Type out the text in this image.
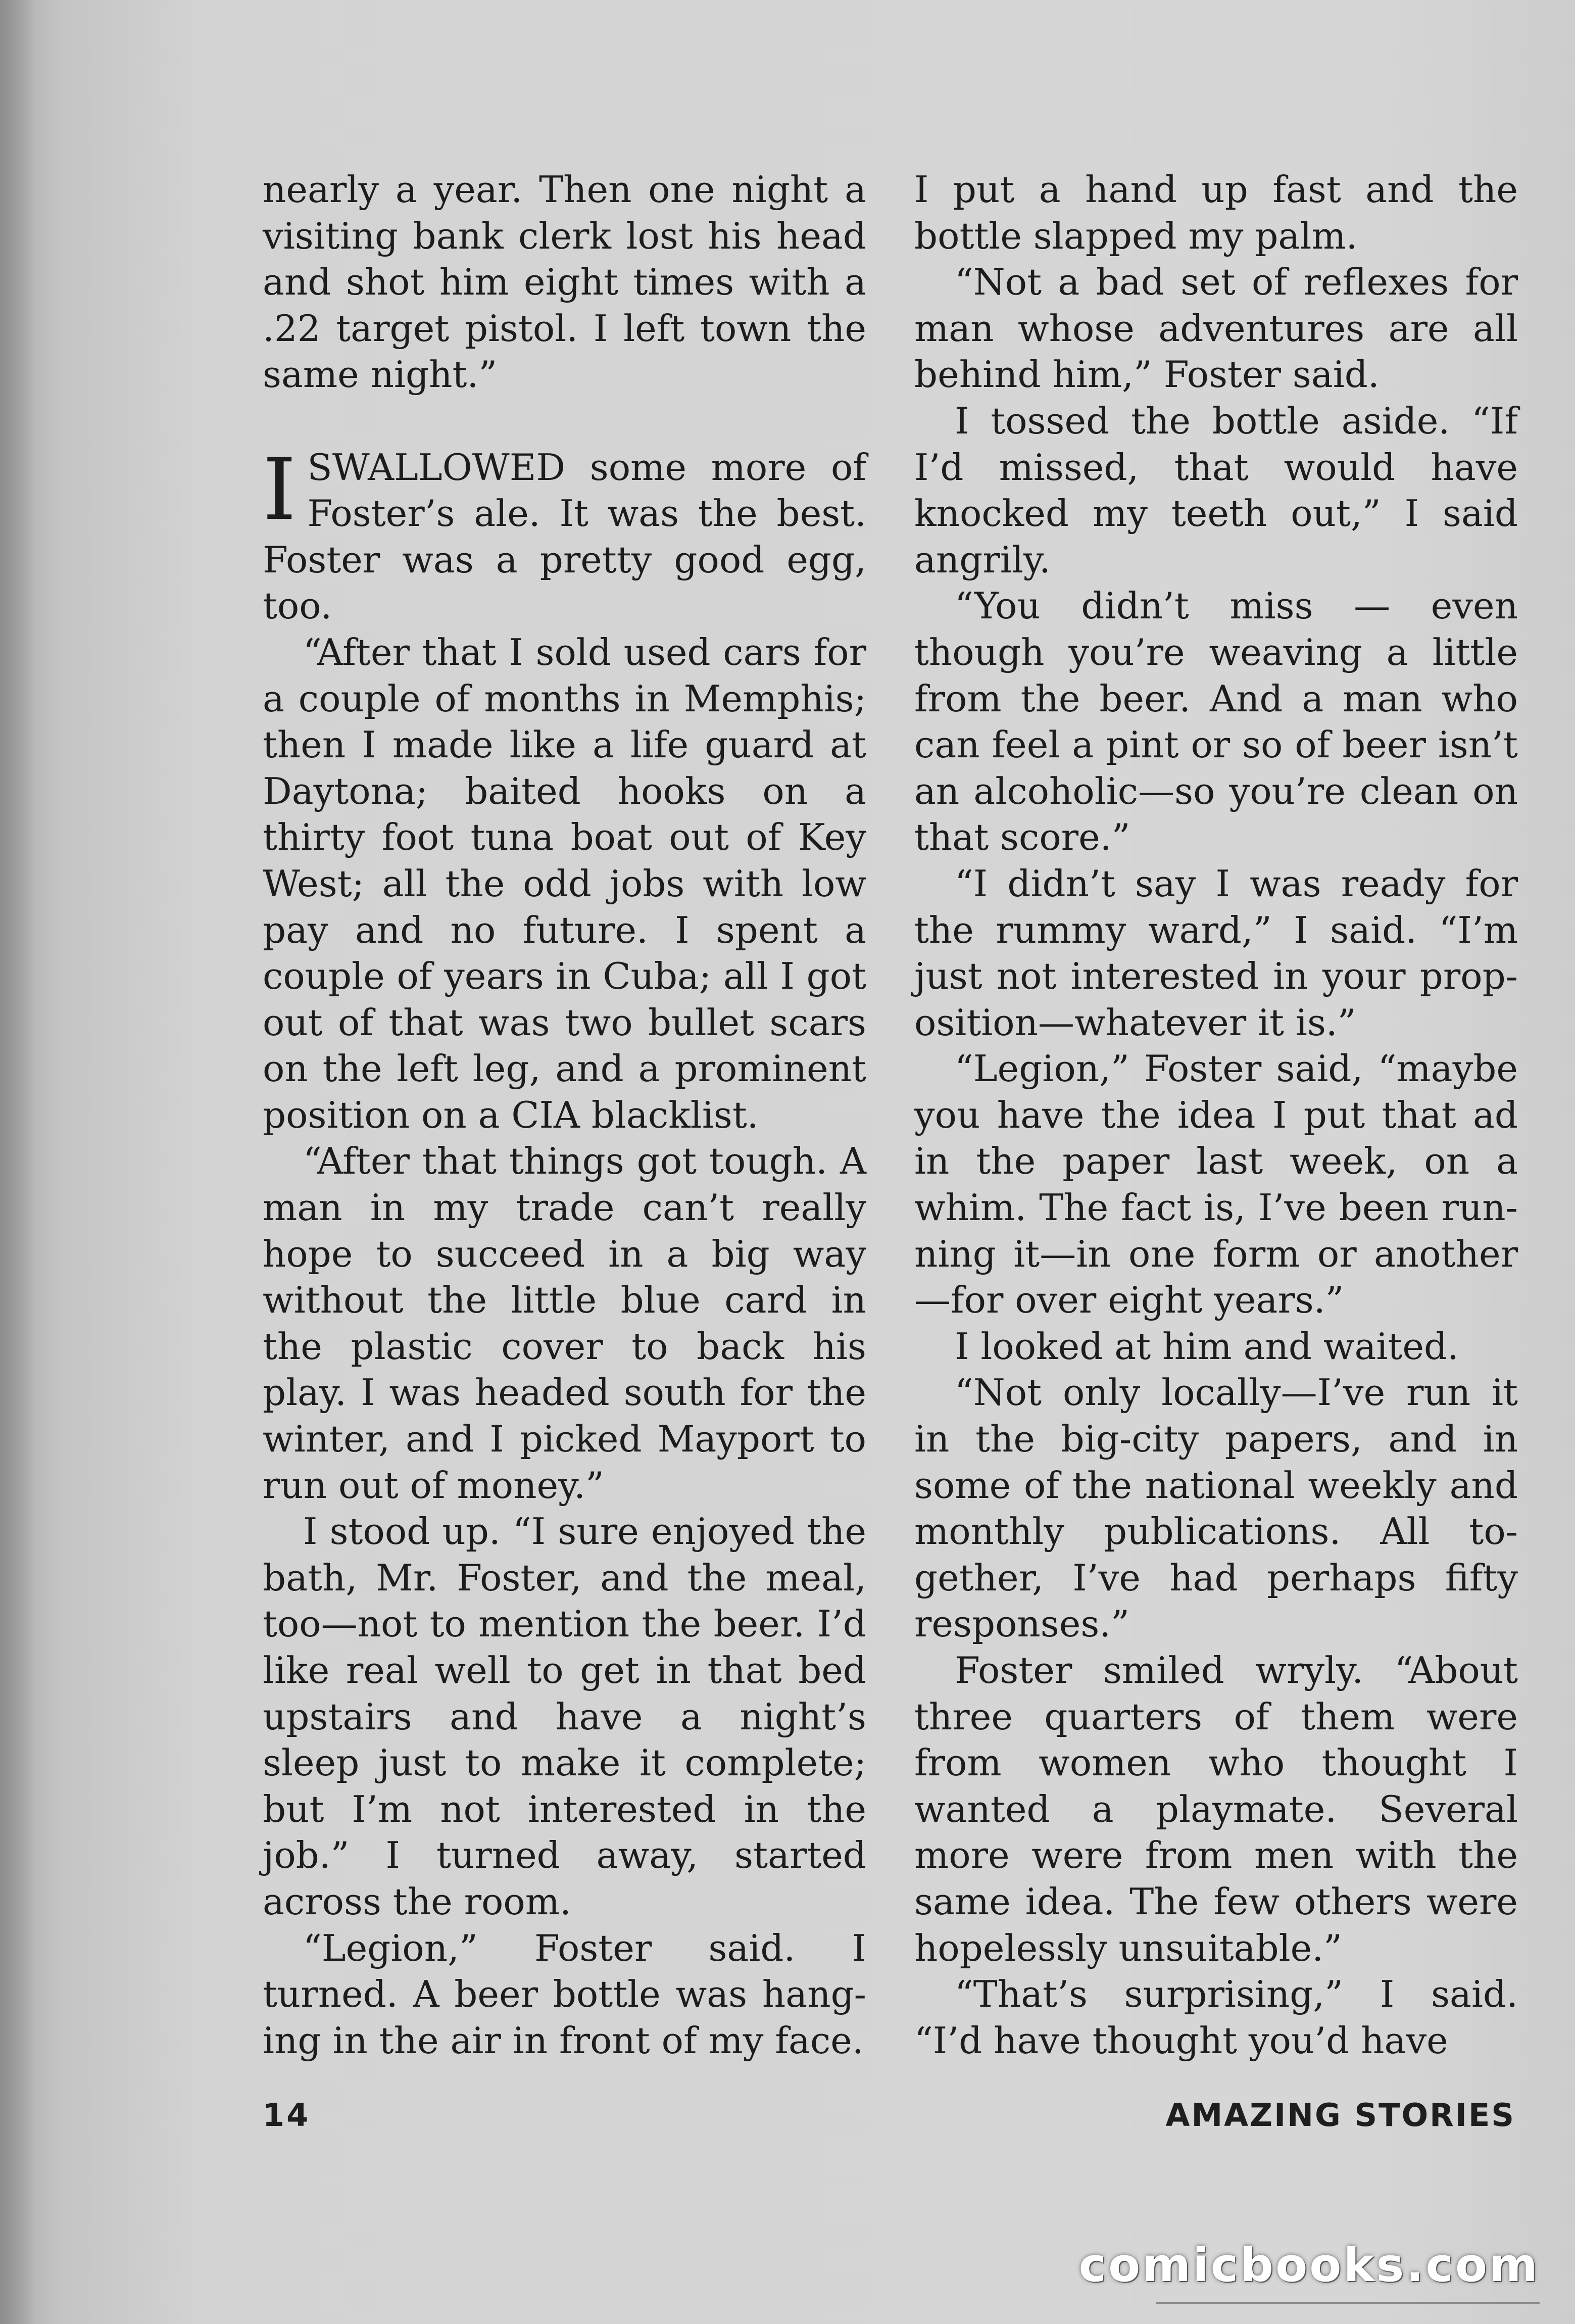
nearly a year. Then one night a visiting bank clerk lost his head and shot him eight times with a .22 target pistol. I left town the same night.”

ISWALLOWED some more of Foster’s ale. It was the best. Foster was a pretty good egg, too.

“After that I sold used cars for a couple of months in Memphis; then I made like a life guard at Daytona; baited hooks on a thirty foot tuna boat out of Key West; all the odd jobs with low pay and no future. I spent a couple of years in Cuba; all I got out of that was two bullet scars on the left leg, and a prominent position on a CIA blacklist.

“After that things got tough. A man in my trade can’t really hope to succeed in a big way without the little blue card in the plastic cover to back his play. I was headed south for the winter, and I picked Mayport to run out of money.”

I stood up. “I sure enjoyed the bath, Mr. Foster, and the meal, too—not to mention the beer. I’d like real well to get in that bed upstairs and have a night’s sleep just to make it complete; but I’m not interested in the job.” I turned away, started across the room.

“Legion,” Foster said. I turned. A beer bottle was hanging in the air in front of my face.

I put a hand up fast and the bottle slapped my palm.

“Not a bad set of reflexes for man whose adventures are all behind him,” Foster said.

I tossed the bottle aside. “If I’d missed, that would have knocked my teeth out,” I said angrily.

“You didn’t miss — even though you’re weaving a little from the beer. And a man who can feel a pint or so of beer isn’t an alcoholic—so you’re clean on that score.”

“I didn’t say I was ready for the rummy ward,” I said. “I’m just not interested in your proposition—whatever it is.”

“Legion,” Foster said, “maybe you have the idea I put that ad in the paper last week, on a whim. The fact is, I’ve been running it—in one form or another —for over eight years.”

I looked at him and waited.

“Not only locally—I’ve run it in the big-city papers, and in some of the national weekly and monthly publications. All together, I’ve had perhaps fifty responses.”

Foster smiled wryly. “About three quarters of them were from women who thought I wanted a playmate. Several more were from men with the same idea. The few others were hopelessly unsuitable.”

“That’s surprising,” I said. “I’d have thought you’d have

14	AMAZING STORIES
comicbooks.com
